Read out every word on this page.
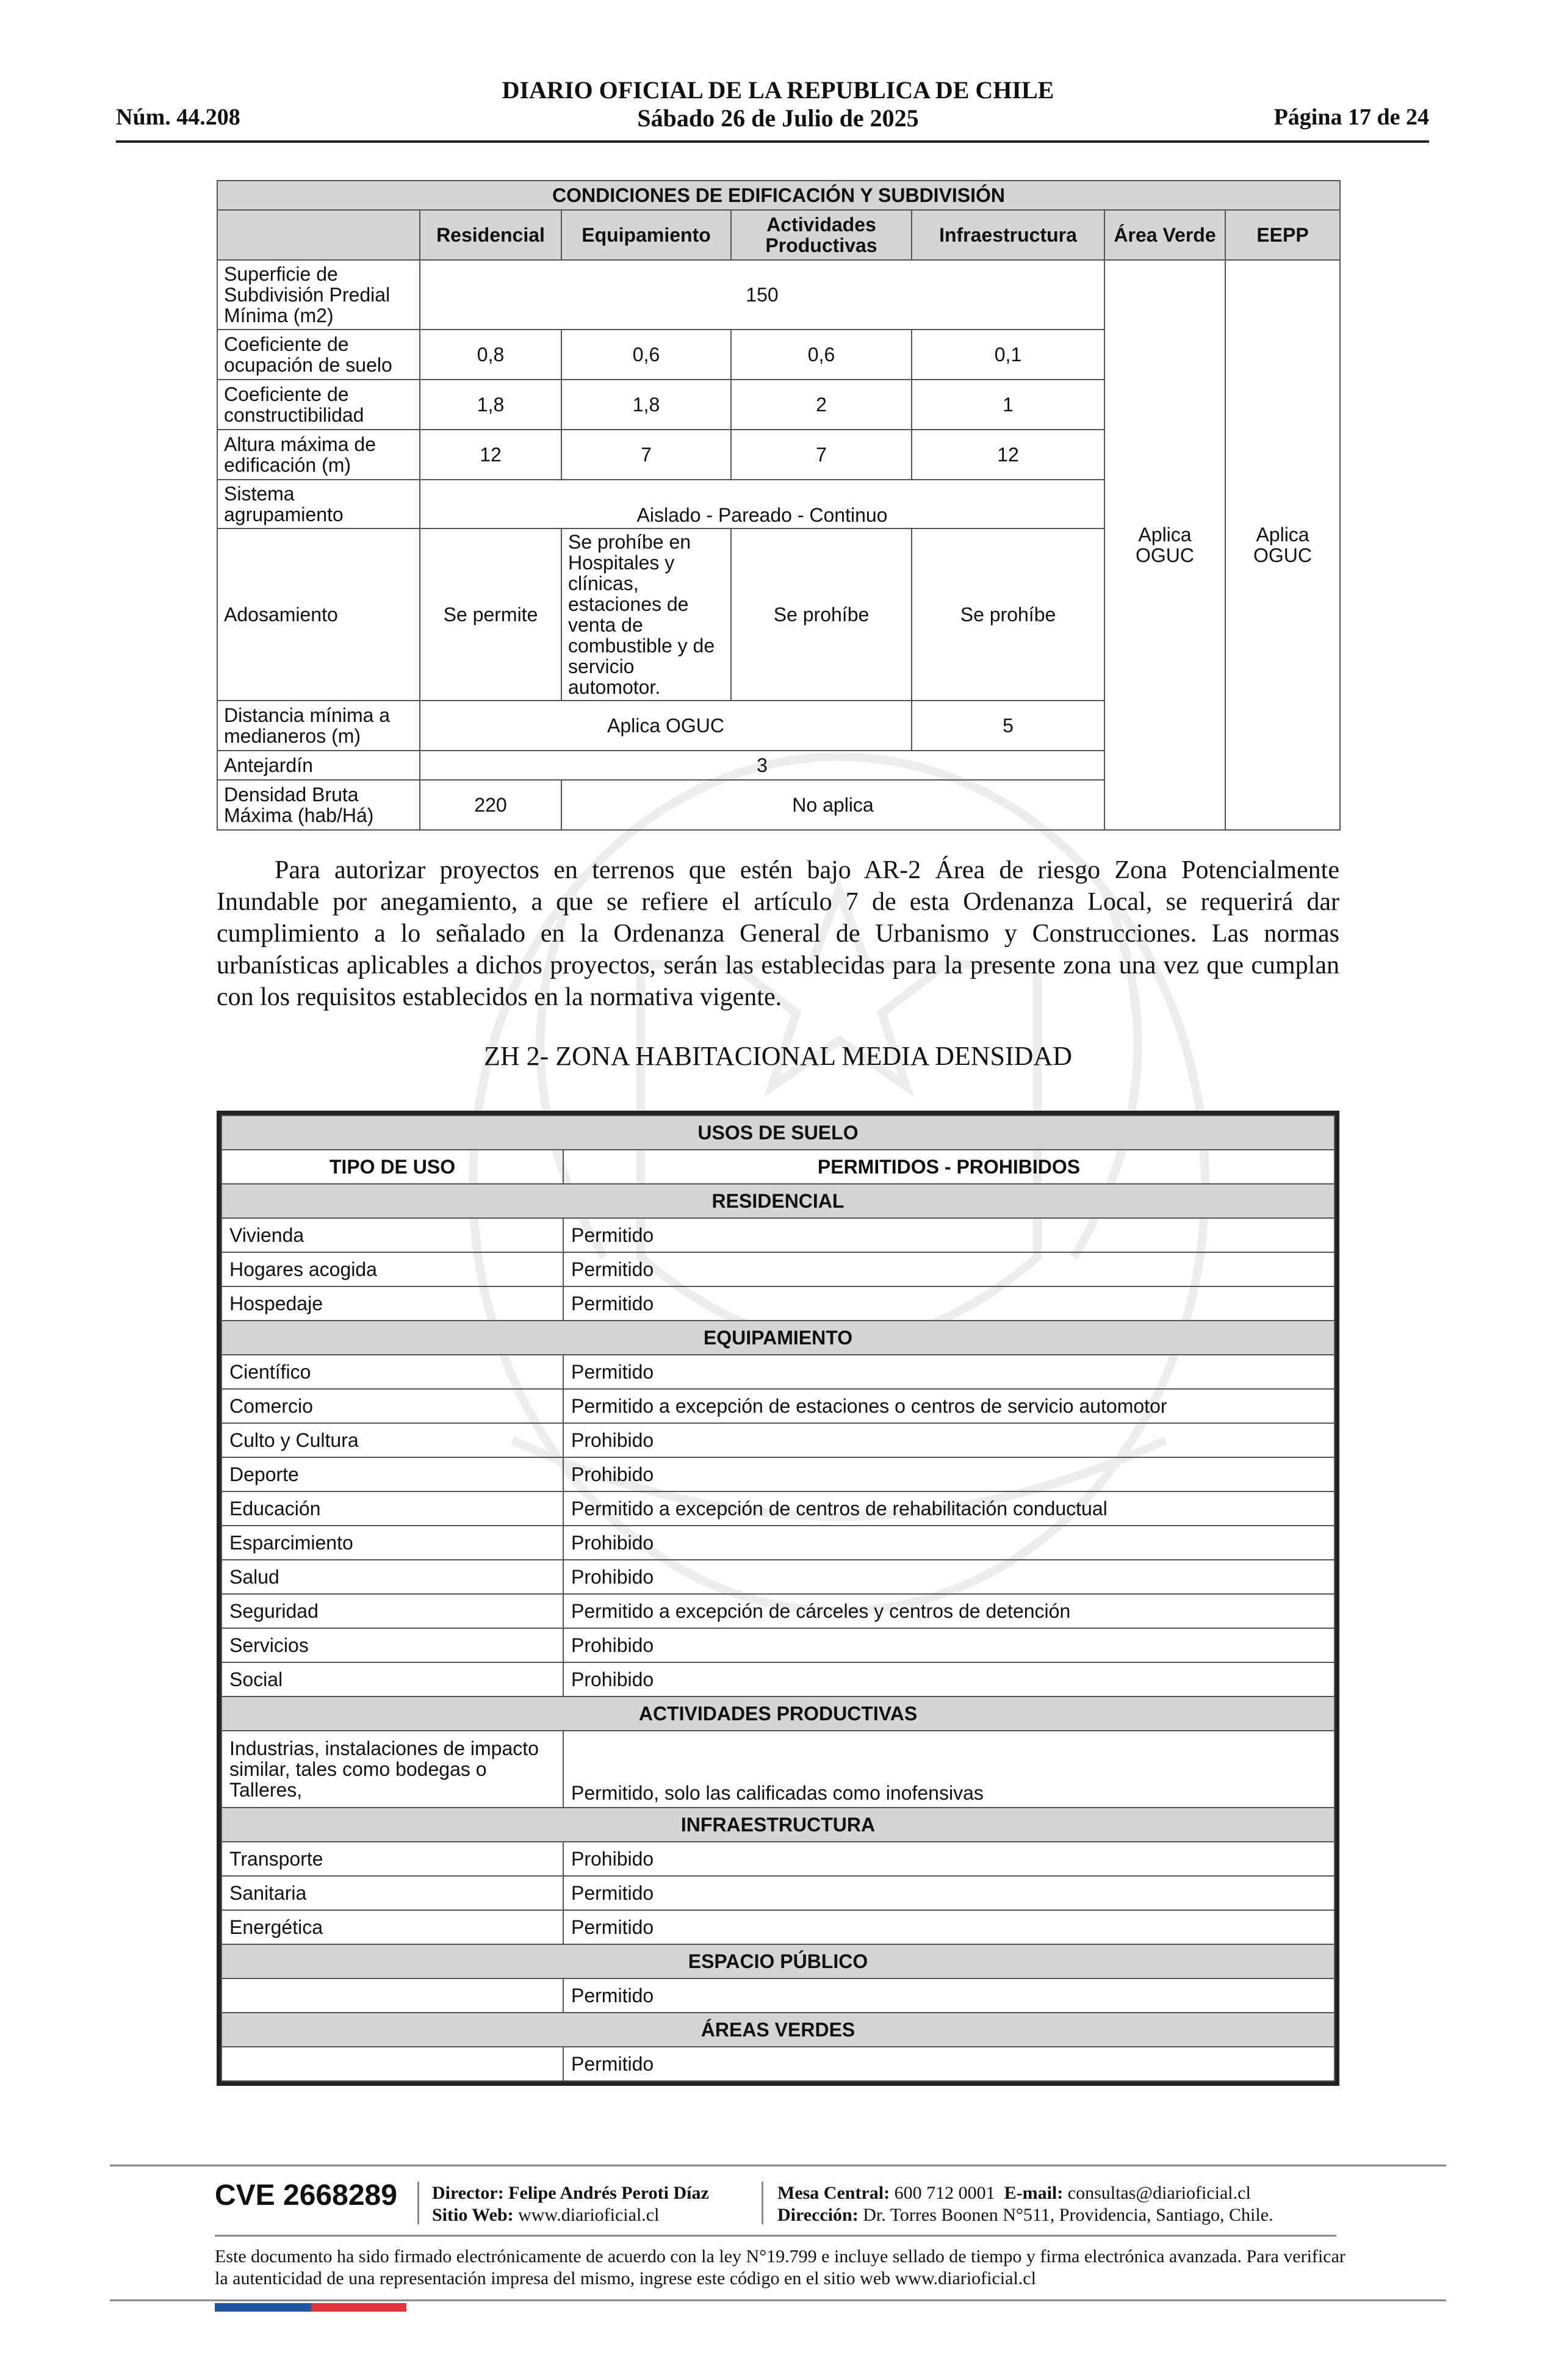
Núm. 44.208
DIARIO OFICIAL DE LA REPUBLICA DE CHILE
Sábado 26 de Julio de 2025	Página 17 de 24
CONDICIONES DE EDIFICACIÓN Y SUBDIVISIÓN						
	Residencial	Equipamiento	Actividades Productivas	Infraestructura	Área Verde	EEPP
Superficie de Subdivisión Predial Mínima (m2)	150				Aplica OGUC	Aplica OGUC
Coeficiente de ocupación de suelo	0,8	0,6	0,6	0,1		
Coeficiente de constructibilidad	1,8	1,8	2	1		
Altura máxima de edificación (m)	12	7	7	12		
Sistema agrupamiento	Aislado - Pareado - Continuo					
Adosamiento	Se permite	Se prohíbe en Hospitales y clínicas, estaciones de venta de combustible y de servicio automotor.	Se prohíbe	Se prohíbe		
Distancia mínima a medianeros (m)	Aplica OGUC			5		
Antejardín	3					
Densidad Bruta Máxima (hab/Há)	220	No aplica				
Para autorizar proyectos en terrenos que estén bajo AR-2 Área de riesgo Zona Potencialmente Inundable por anegamiento, a que se refiere el artículo 7 de esta Ordenanza Local, se requerirá dar cumplimiento a lo señalado en la Ordenanza General de Urbanismo y Construcciones. Las normas urbanísticas aplicables a dichos proyectos, serán las establecidas para la presente zona una vez que cumplan con los requisitos establecidos en la normativa vigente.
ZH 2- ZONA HABITACIONAL MEDIA DENSIDAD
USOS DE SUELO	
TIPO DE USO	PERMITIDOS - PROHIBIDOS
RESIDENCIAL	
Vivienda	Permitido
Hogares acogida	Permitido
Hospedaje	Permitido
EQUIPAMIENTO	
Científico	Permitido
Comercio	Permitido a excepción de estaciones o centros de servicio automotor
Culto y Cultura	Prohibido
Deporte	Prohibido
Educación	Permitido a excepción de centros de rehabilitación conductual
Esparcimiento	Prohibido
Salud	Prohibido
Seguridad	Permitido a excepción de cárceles y centros de detención
Servicios	Prohibido
Social	Prohibido
ACTIVIDADES PRODUCTIVAS	
Industrias, instalaciones de impacto similar, tales como bodegas o Talleres,	Permitido, solo las calificadas como inofensivas
INFRAESTRUCTURA	
Transporte	Prohibido
Sanitaria	Permitido
Energética	Permitido
ESPACIO PÚBLICO	
	Permitido
ÁREAS VERDES	
	Permitido
CVE 2668289 Director: Felipe Andrés Peroti Díaz
Sitio Web: www.diarioficial.cl
Mesa Central: 600 712 0001 E-mail: consultas@diarioficial.cl
Dirección: Dr. Torres Boonen N°511, Providencia, Santiago, Chile.
Este documento ha sido firmado electrónicamente de acuerdo con la ley N°19.799 e incluye sellado de tiempo y firma electrónica avanzada. Para verificar la autenticidad de una representación impresa del mismo, ingrese este código en el sitio web www.diarioficial.cl
